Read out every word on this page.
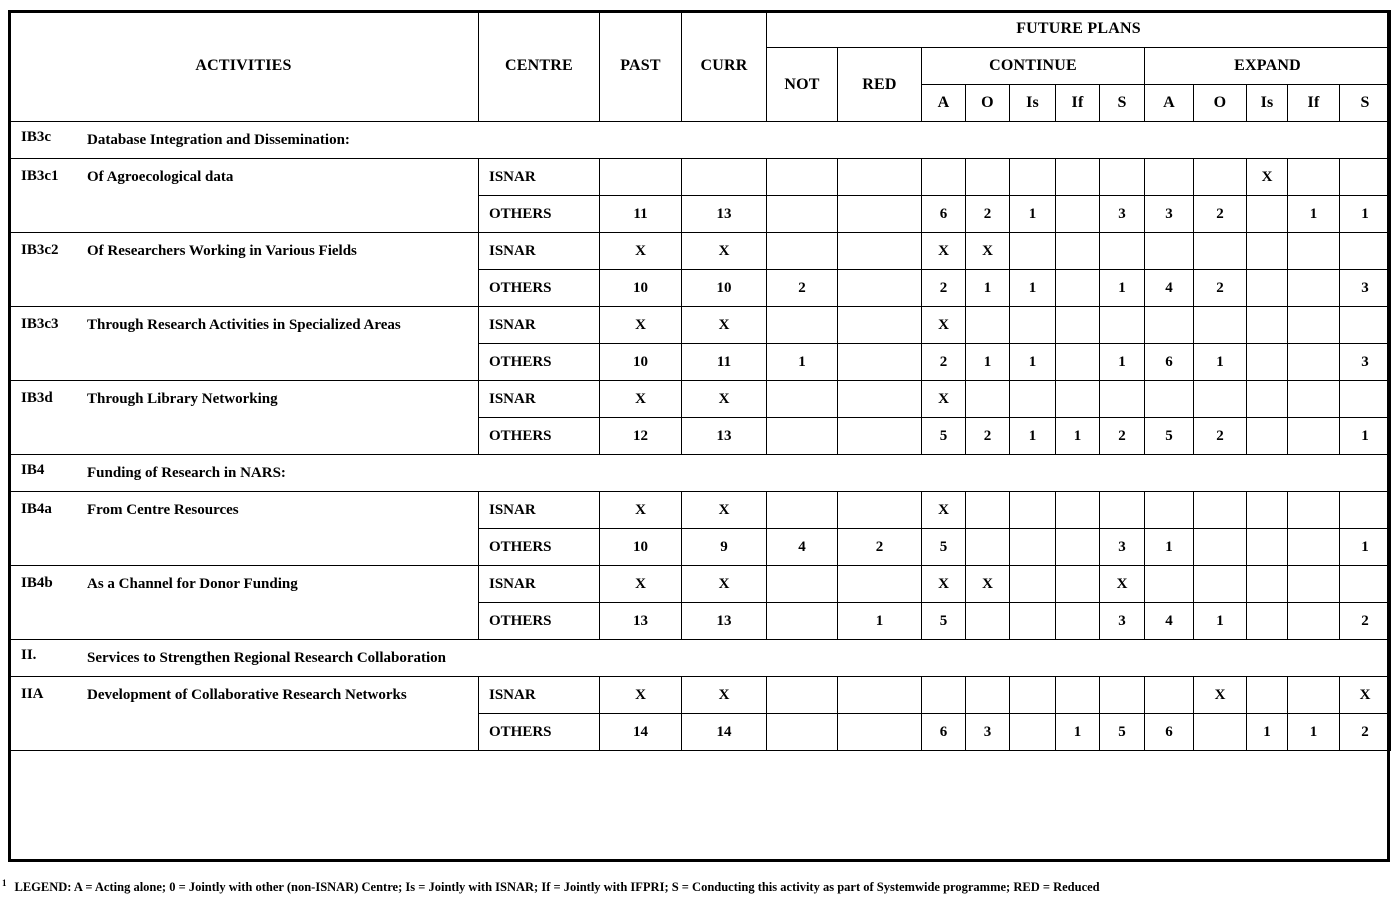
ACTIVITIES	CENTRE	PAST	CURR	FUTURE PLANS											
				NOT	RED	CONTINUE					EXPAND				
						A	O	Is	If	S	A	O	Is	If	S
IB3c Database Integration and Dissemination:															
IB3c1 Of Agroecological data	ISNAR												X		
	OTHERS	11	13			6	2	1		3	3	2		1	1
IB3c2 Of Researchers Working in Various Fields	ISNAR	X	X			X	X								
	OTHERS	10	10	2		2	1	1		1	4	2			3
IB3c3 Through Research Activities in Specialized Areas	ISNAR	X	X			X									
	OTHERS	10	11	1		2	1	1		1	6	1			3
IB3d Through Library Networking	ISNAR	X	X			X									
	OTHERS	12	13			5	2	1	1	2	5	2			1
IB4 Funding of Research in NARS:															
IB4a From Centre Resources	ISNAR	X	X			X									
	OTHERS	10	9	4	2	5				3	1				1
IB4b As a Channel for Donor Funding	ISNAR	X	X			X	X			X					
	OTHERS	13	13		1	5				3	4	1			2
II. Services to Strengthen Regional Research Collaboration															
IIA Development of Collaborative Research Networks	ISNAR	X	X									X			X
	OTHERS	14	14			6	3		1	5	6		1	1	2
$^1$ LEGEND: A = Acting alone; 0 = Jointly with other (non-ISNAR) Centre; Is = Jointly with ISNAR; If = Jointly with IFPRI; S = Conducting this activity as part of Systemwide programme; RED = Reduced
